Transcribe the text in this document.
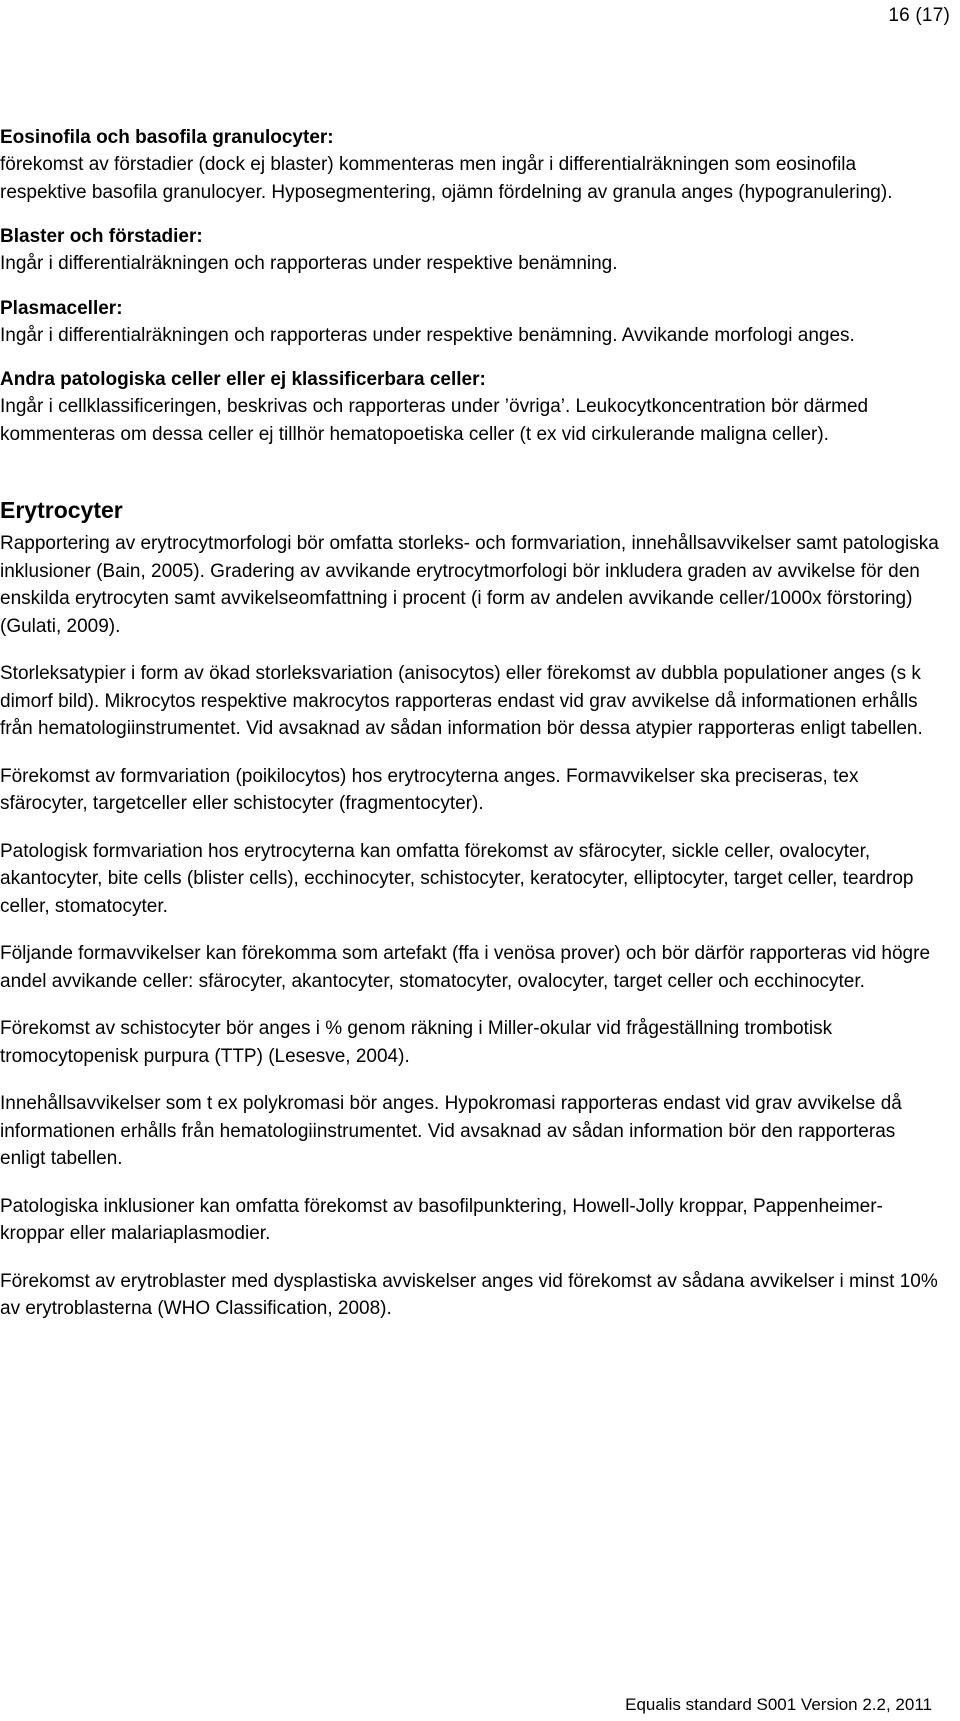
16 (17)

Eosinofila och basofila granulocyter:

förekomst av förstadier (dock ej blaster) kommenteras men ingår i differentialräkningen som eosinofila respektive basofila granulocyer. Hyposegmentering, ojämn fördelning av granula anges (hypogranulering).

Blaster och förstadier:

Ingår i differentialräkningen och rapporteras under respektive benämning.

Plasmaceller:

Ingår i differentialräkningen och rapporteras under respektive benämning. Avvikande morfologi anges.

Andra patologiska celler eller ej klassificerbara celler:

Ingår i cellklassificeringen, beskrivas och rapporteras under ’övriga’. Leukocytkoncentration bör därmed kommenteras om dessa celler ej tillhör hematopoetiska celler (t ex vid cirkulerande maligna celler).

Erytrocyter

Rapportering av erytrocytmorfologi bör omfatta storleks- och formvariation, innehållsavvikelser samt patologiska inklusioner (Bain, 2005). Gradering av avvikande erytrocytmorfologi bör inkludera graden av avvikelse för den enskilda erytrocyten samt avvikelseomfattning i procent (i form av andelen avvikande celler/1000x förstoring) (Gulati, 2009).

Storleksatypier i form av ökad storleksvariation (anisocytos) eller förekomst av dubbla populationer anges (s k dimorf bild). Mikrocytos respektive makrocytos rapporteras endast vid grav avvikelse då informationen erhålls från hematologiinstrumentet. Vid avsaknad av sådan information bör dessa atypier rapporteras enligt tabellen.

Förekomst av formvariation (poikilocytos) hos erytrocyterna anges. Formavvikelser ska preciseras, tex sfärocyter, targetceller eller schistocyter (fragmentocyter).

Patologisk formvariation hos erytrocyterna kan omfatta förekomst av sfärocyter, sickle celler, ovalocyter, akantocyter, bite cells (blister cells), ecchinocyter, schistocyter, keratocyter, elliptocyter, target celler, teardrop celler, stomatocyter.

Följande formavvikelser kan förekomma som artefakt (ffa i venösa prover) och bör därför rapporteras vid högre andel avvikande celler: sfärocyter, akantocyter, stomatocyter, ovalocyter, target celler och ecchinocyter.

Förekomst av schistocyter bör anges i % genom räkning i Miller-okular vid frågeställning trombotisk tromocytopenisk purpura (TTP) (Lesesve, 2004).

Innehållsavvikelser som t ex polykromasi bör anges. Hypokromasi rapporteras endast vid grav avvikelse då informationen erhålls från hematologiinstrumentet. Vid avsaknad av sådan information bör den rapporteras enligt tabellen.

Patologiska inklusioner kan omfatta förekomst av basofilpunktering, Howell-Jolly kroppar, Pappenheimer-kroppar eller malariaplasmodier.

Förekomst av erytroblaster med dysplastiska avviskelser anges vid förekomst av sådana avvikelser i minst 10% av erytroblasterna (WHO Classification, 2008).

Equalis standard S001 Version 2.2, 2011
